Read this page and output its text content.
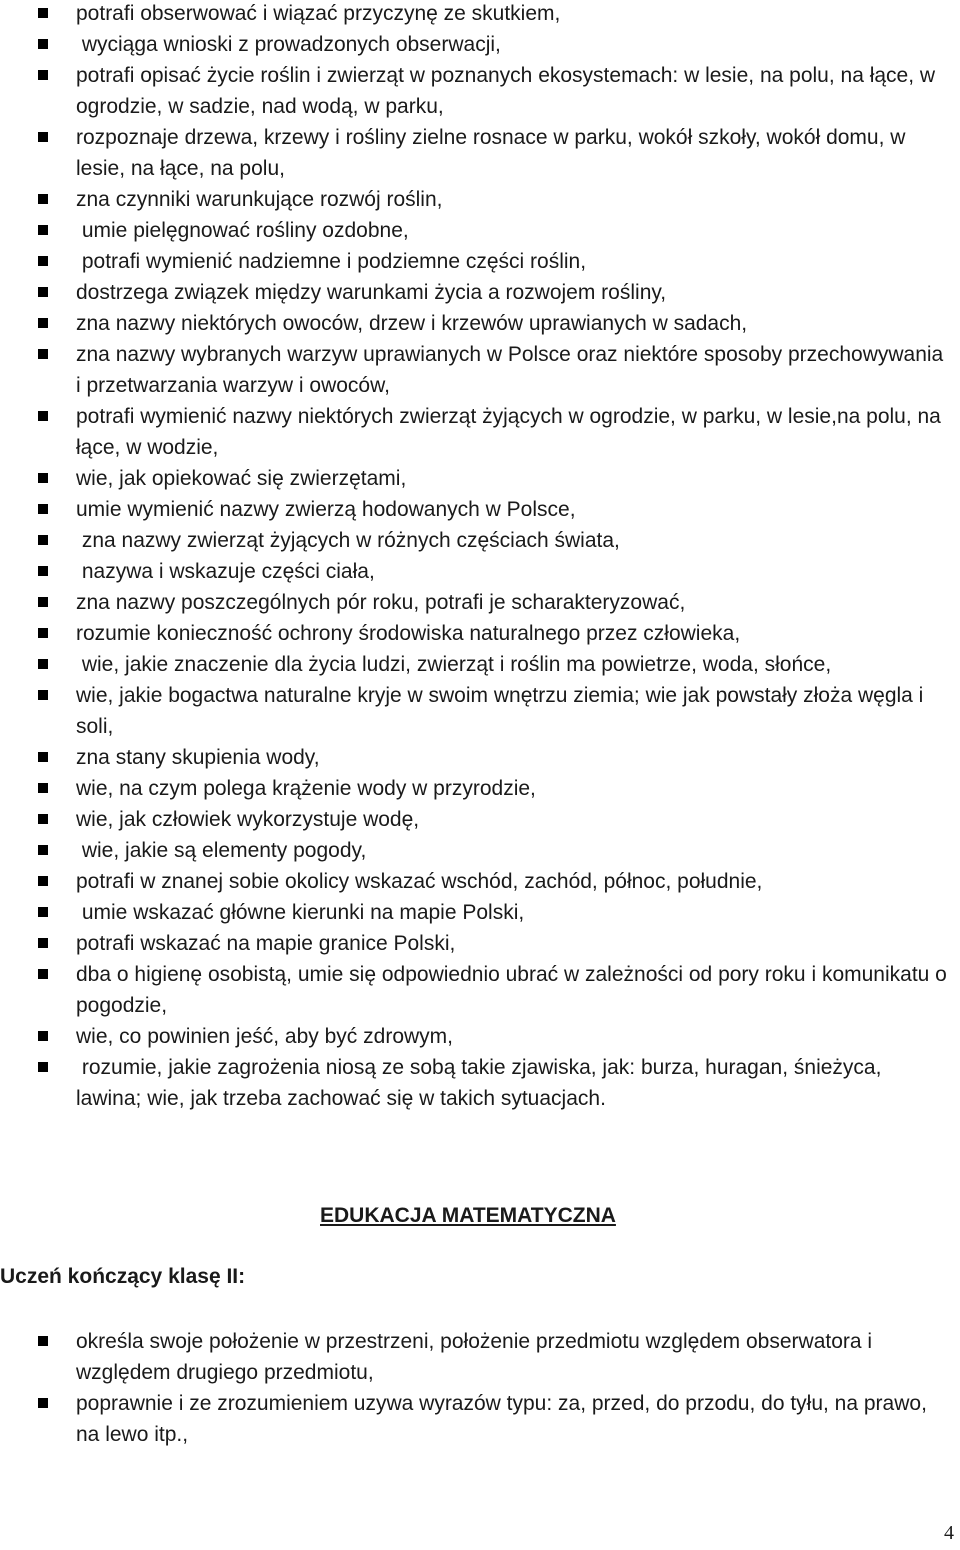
potrafi obserwować i wiązać przyczynę ze skutkiem,
wyciąga wnioski z prowadzonych obserwacji,
potrafi opisać życie roślin i zwierząt w poznanych ekosystemach: w lesie, na polu, na łące, w ogrodzie, w sadzie, nad wodą, w parku,
rozpoznaje drzewa, krzewy i rośliny zielne rosnace w parku, wokół szkoły, wokół domu, w lesie, na łące, na polu,
zna czynniki warunkujące rozwój roślin,
umie pielęgnować rośliny ozdobne,
potrafi wymienić nadziemne i podziemne części roślin,
dostrzega związek między warunkami życia a rozwojem rośliny,
zna nazwy niektórych owoców, drzew i krzewów uprawianych w sadach,
zna nazwy wybranych warzyw uprawianych w Polsce oraz niektóre sposoby przechowywania i przetwarzania warzyw i owoców,
potrafi wymienić nazwy niektórych zwierząt żyjących w ogrodzie, w parku, w lesie,na polu, na łące, w wodzie,
wie, jak opiekować się zwierzętami,
umie wymienić nazwy zwierzą hodowanych w Polsce,
zna nazwy zwierząt żyjących w różnych częściach świata,
nazywa i wskazuje części ciała,
zna nazwy poszczególnych pór roku, potrafi je scharakteryzować,
rozumie konieczność ochrony środowiska naturalnego przez człowieka,
wie, jakie znaczenie dla życia ludzi, zwierząt i roślin ma powietrze, woda, słońce,
wie, jakie bogactwa naturalne kryje w swoim wnętrzu ziemia; wie jak powstały złoża węgla i soli,
zna stany skupienia wody,
wie, na czym polega krążenie wody w przyrodzie,
wie, jak człowiek wykorzystuje wodę,
wie, jakie są elementy pogody,
potrafi w znanej sobie okolicy wskazać wschód, zachód, północ, południe,
umie wskazać główne kierunki na mapie Polski,
potrafi wskazać na mapie granice Polski,
dba o higienę osobistą, umie się odpowiednio ubrać w zależności od pory roku i komunikatu o pogodzie,
wie, co powinien jeść, aby być zdrowym,
rozumie, jakie zagrożenia niosą ze sobą takie zjawiska, jak: burza, huragan, śnieżyca, lawina; wie, jak trzeba zachować się w takich sytuacjach.
EDUKACJA MATEMATYCZNA
Uczeń kończący klasę II:
określa swoje położenie w przestrzeni, położenie przedmiotu względem obserwatora i względem drugiego przedmiotu,
poprawnie i ze zrozumieniem uzywa wyrazów typu: za, przed, do przodu, do tyłu, na prawo, na lewo itp.,
4
